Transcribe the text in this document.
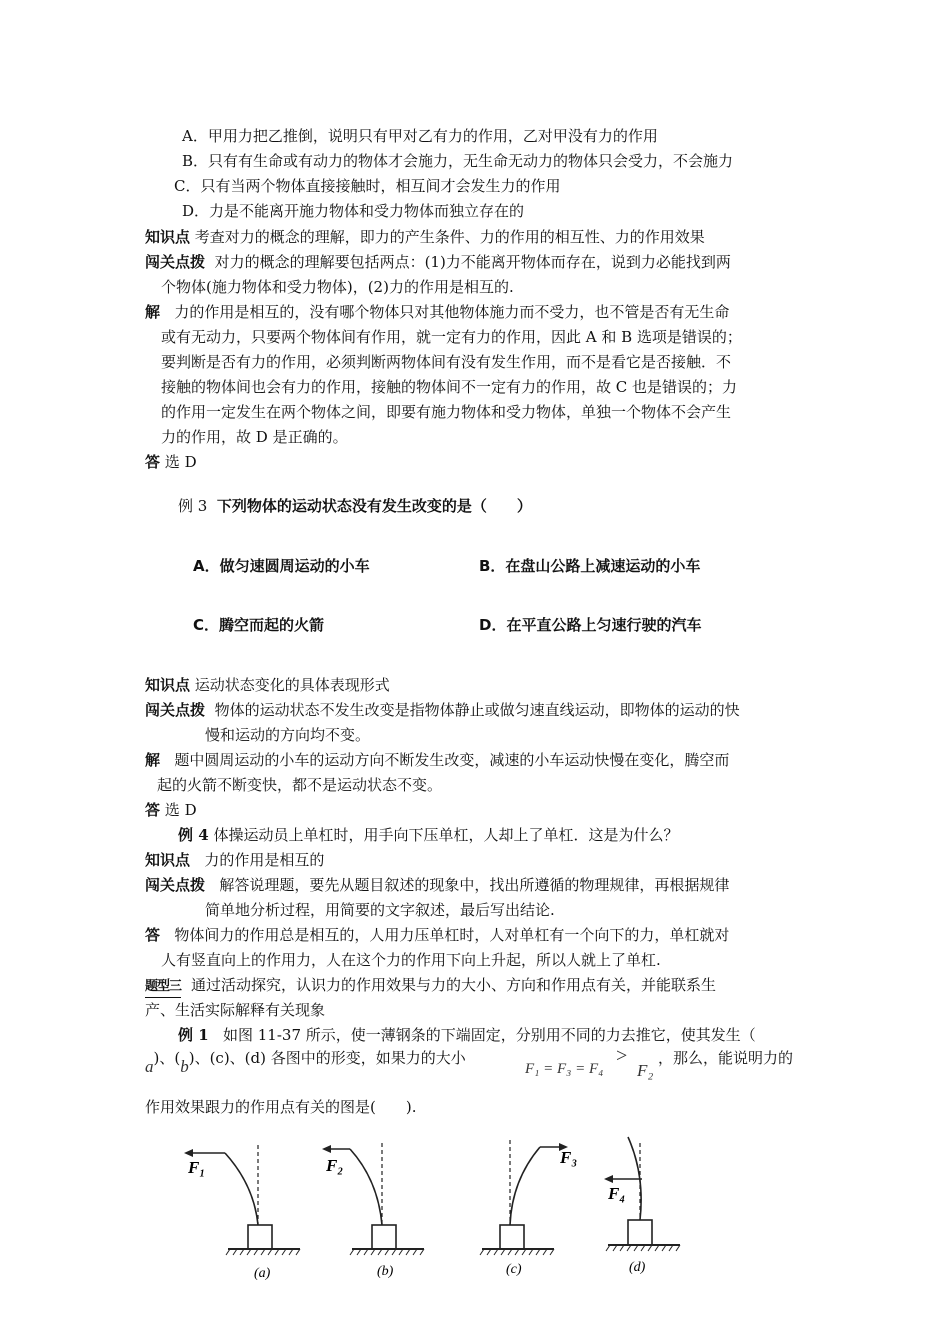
A．甲用力把乙推倒，说明只有甲对乙有力的作用，乙对甲没有力的作用
B．只有有生命或有动力的物体才会施力，无生命无动力的物体只会受力，不会施力
C．只有当两个物体直接接触时，相互间才会发生力的作用
D．力是不能离开施力物体和受力物体而独立存在的
知识点 考查对力的概念的理解，即力的产生条件、力的作用的相互性、力的作用效果
闯关点拨 对力的概念的理解要包括两点：(1)力不能离开物体而存在，说到力必能找到两
个物体(施力物体和受力物体)，(2)力的作用是相互的.
解 力的作用是相互的，没有哪个物体只对其他物体施力而不受力，也不管是否有无生命
或有无动力，只要两个物体间有作用，就一定有力的作用，因此 A 和 B 选项是错误的；
要判断是否有力的作用，必须判断两物体间有没有发生作用，而不是看它是否接触．不
接触的物体间也会有力的作用，接触的物体间不一定有力的作用，故 C 也是错误的；力
的作用一定发生在两个物体之间，即要有施力物体和受力物体，单独一个物体不会产生
力的作用，故 D 是正确的。
答 选 D
例 3 下列物体的运动状态没有发生改变的是（　　）
A．做匀速圆周运动的小车	B．在盘山公路上减速运动的小车
C．腾空而起的火箭	D．在平直公路上匀速行驶的汽车
知识点 运动状态变化的具体表现形式
闯关点拨 物体的运动状态不发生改变是指物体静止或做匀速直线运动，即物体的运动的快
慢和运动的方向均不变。
解 题中圆周运动的小车的运动方向不断发生改变，减速的小车运动快慢在变化，腾空而
起的火箭不断变快，都不是运动状态不变。
答 选 D
例 4 体操运动员上单杠时，用手向下压单杠，人却上了单杠．这是为什么？
知识点 力的作用是相互的
闯关点拨 解答说理题，要先从题目叙述的现象中，找出所遵循的物理规律，再根据规律
简单地分析过程，用简要的文字叙述，最后写出结论.
答 物体间力的作用总是相互的，人用力压单杠时，人对单杠有一个向下的力，单杠就对
人有竖直向上的作用力，人在这个力的作用下向上升起，所以人就上了单杠.
题型三 通过活动探究，认识力的作用效果与力的大小、方向和作用点有关，并能联系生
产、生活实际解释有关现象
例 1 如图 11-37 所示，使一薄钢条的下端固定，分别用不同的力去推它，使其发生（
a)、(b)、(c)、(d) 各图中的形变，如果力的大小
F₁ = F₃ = F₄
>
F₂
，那么，能说明力的
作用效果跟力的作用点有关的图是(　　).
F₁	F₂	F₃
F₄
(a)	(b)	(c)	(d)
